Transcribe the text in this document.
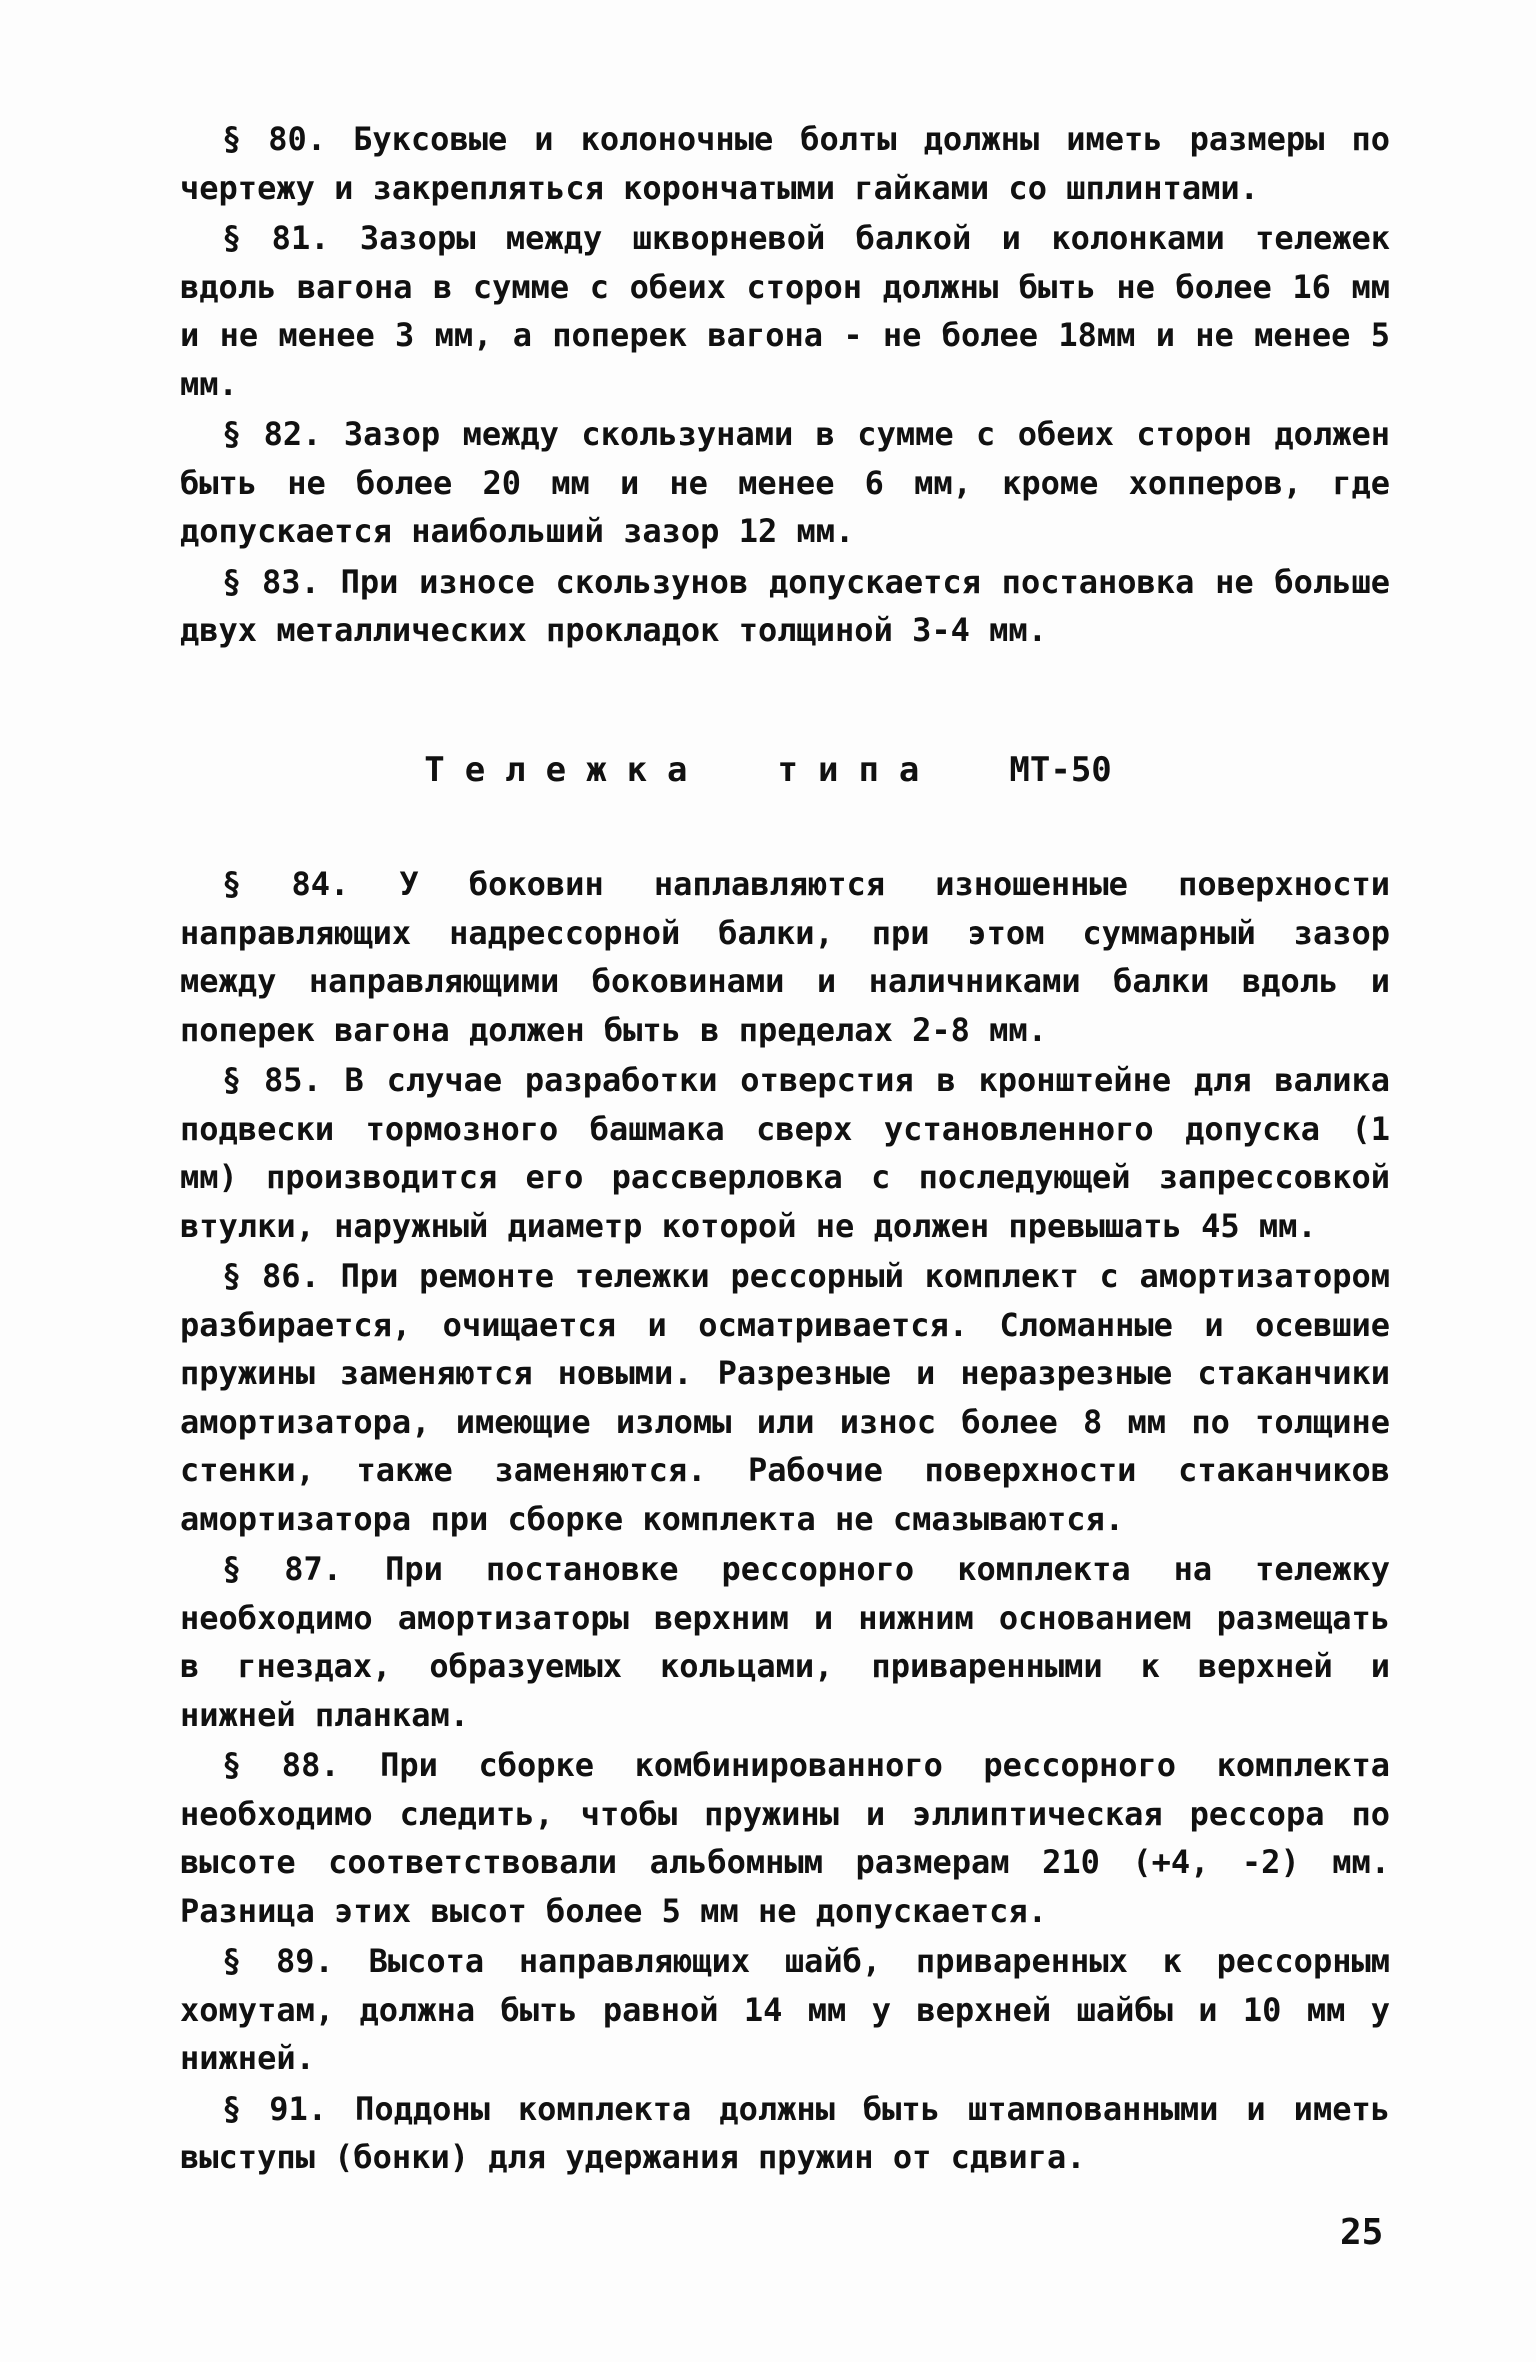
§ 80. Буксовые и колоночные болты должны иметь размеры по чертежу и закрепляться корончатыми гайками со шплинтами.

§ 81. Зазоры между шкворневой балкой и колонками тележек вдоль вагона в сумме с обеих сторон должны быть не более 16 мм и не менее 3 мм, а поперек вагона - не более 18мм и не менее 5 мм.

§ 82. Зазор между скользунами в сумме с обеих сторон должен быть не более 20 мм и не менее 6 мм, кроме хопперов, где допускается наибольший зазор 12 мм.

§ 83. При износе скользунов допускается постановка не больше двух металлических прокладок толщиной 3-4 мм.

Тележка типа МТ-50

§ 84. У боковин наплавляются изношенные поверхности направляющих надрессорной балки, при этом суммарный зазор между направляющими боковинами и наличниками балки вдоль и поперек вагона должен быть в пределах 2-8 мм.

§ 85. В случае разработки отверстия в кронштейне для валика подвески тормозного башмака сверх установленного допуска (1 мм) производится его рассверловка с последующей запрессовкой втулки, наружный диаметр которой не должен превышать 45 мм.

§ 86. При ремонте тележки рессорный комплект с амортизатором разбирается, очищается и осматривается. Сломанные и осевшие пружины заменяются новыми. Разрезные и неразрезные стаканчики амортизатора, имеющие изломы или износ более 8 мм по толщине стенки, также заменяются. Рабочие поверхности стаканчиков амортизатора при сборке комплекта не смазываются.

§ 87. При постановке рессорного комплекта на тележку необходимо амортизаторы верхним и нижним основанием размещать в гнездах, образуемых кольцами, приваренными к верхней и нижней планкам.

§ 88. При сборке комбинированного рессорного комплекта необходимо следить, чтобы пружины и эллиптическая рессора по высоте соответствовали альбомным размерам 210 (+4, -2) мм. Разница этих высот более 5 мм не допускается.

§ 89. Высота направляющих шайб, приваренных к рессорным хомутам, должна быть равной 14 мм у верхней шайбы и 10 мм у нижней.

§ 91. Поддоны комплекта должны быть штампованными и иметь выступы (бонки) для удержания пружин от сдвига.

25
